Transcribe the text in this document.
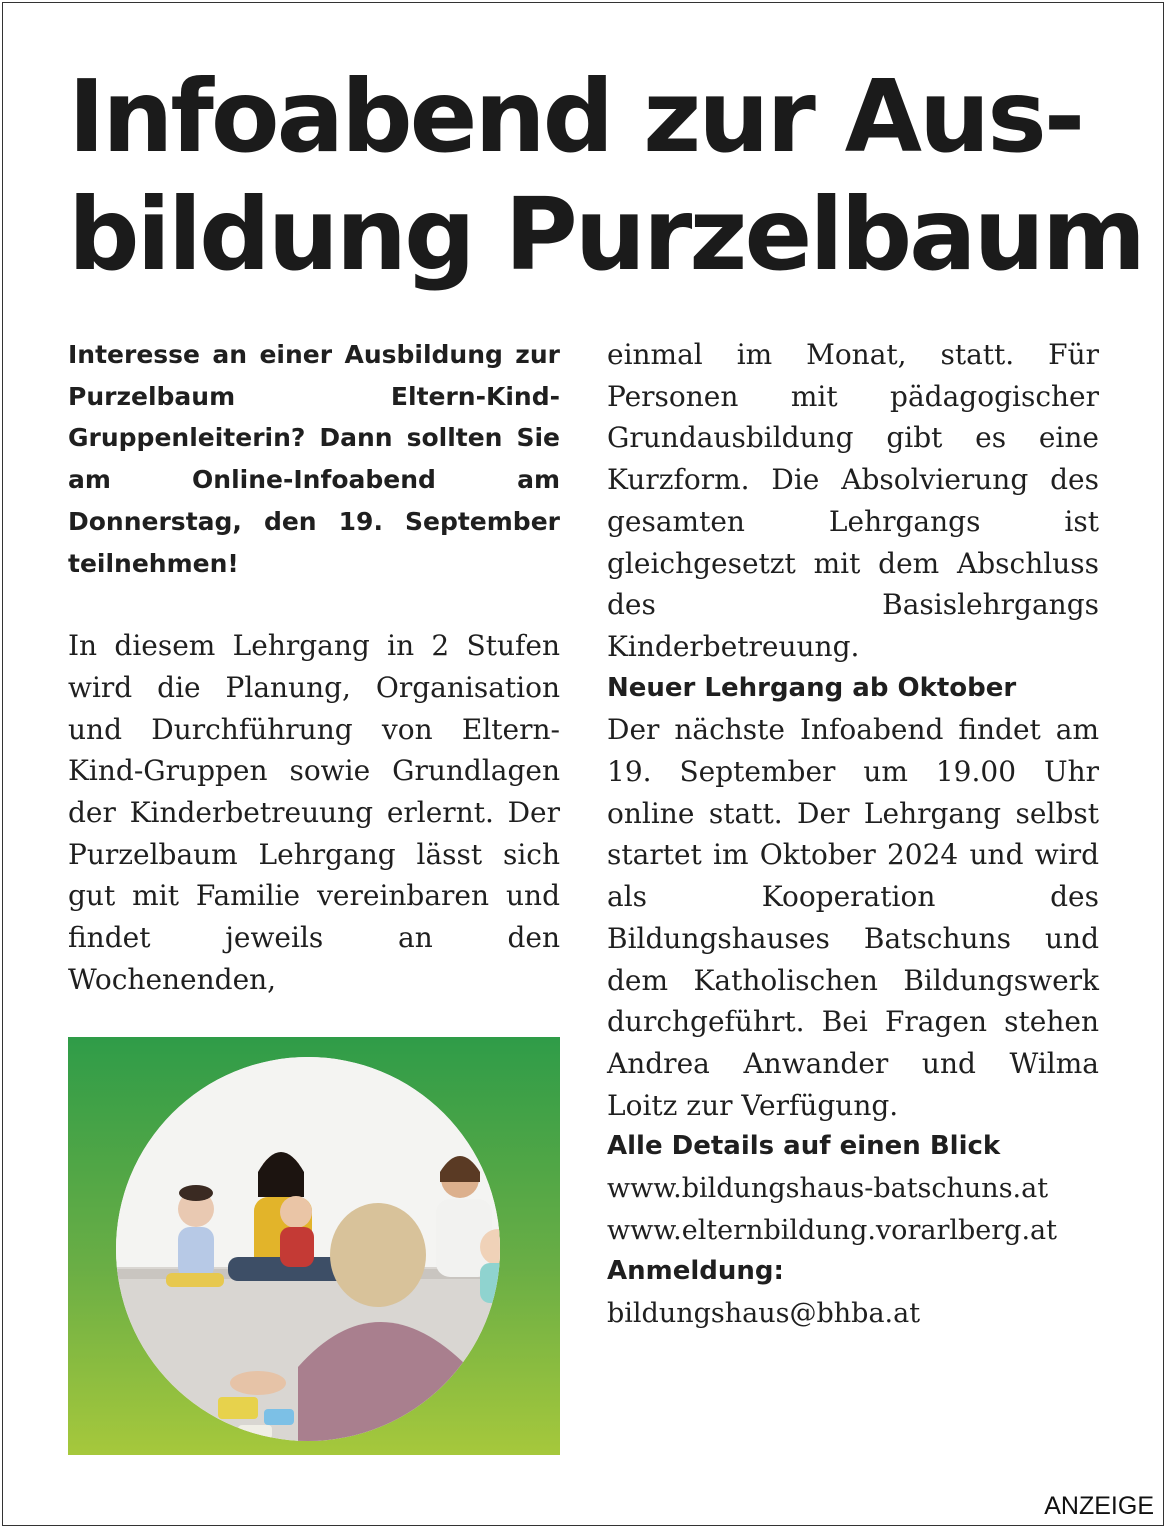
Infoabend zur Aus-
bildung Purzelbaum

Interesse an einer Ausbildung zur Purzelbaum Eltern-Kind-Gruppenleiterin? Dann sollten Sie am Online-Infoabend am Donnerstag, den 19. September teilnehmen!

In diesem Lehrgang in 2 Stufen wird die Planung, Organisation und Durchführung von Eltern-Kind-Gruppen sowie Grundlagen der Kinderbetreuung erlernt. Der Purzelbaum Lehrgang lässt sich gut mit Familie vereinbaren und findet jeweils an den Wochenenden,

einmal im Monat, statt. Für Personen mit pädagogischer Grundausbildung gibt es eine Kurzform. Die Absolvierung des gesamten Lehrgangs ist gleichgesetzt mit dem Abschluss des Basislehrgangs Kinderbetreuung.

Neuer Lehrgang ab Oktober

Der nächste Infoabend findet am 19. September um 19.00 Uhr online statt. Der Lehrgang selbst startet im Oktober 2024 und wird als Kooperation des Bildungshauses Batschuns und dem Katholischen Bildungswerk durchgeführt. Bei Fragen stehen Andrea Anwander und Wilma Loitz zur Verfügung.

Alle Details auf einen Blick

www.bildungshaus-batschuns.at

www.elternbildung.vorarlberg.at

Anmeldung:

bildungshaus@bhba.at

ANZEIGE
